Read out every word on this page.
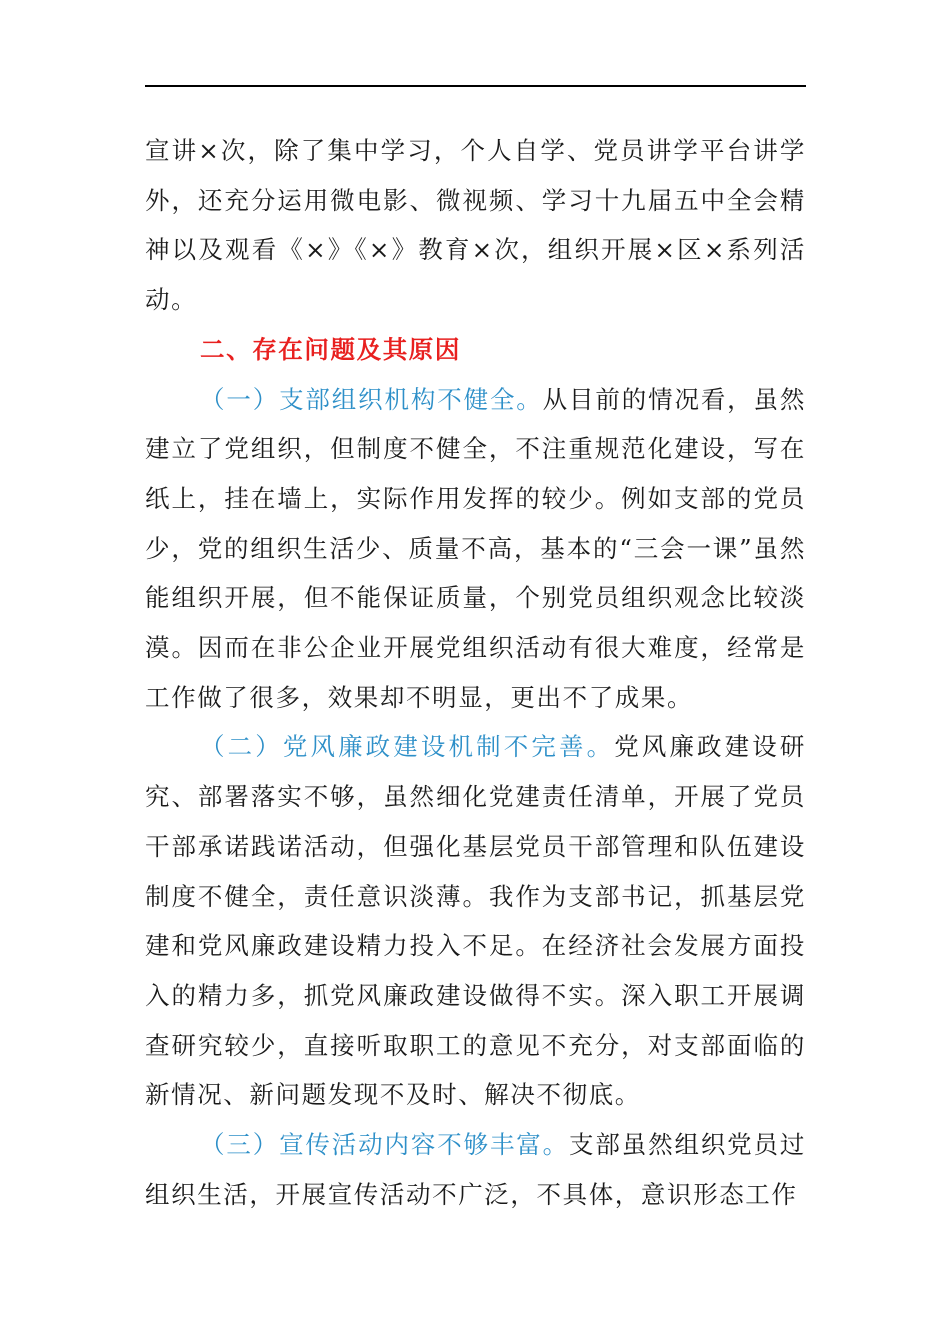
宣讲×次，除了集中学习，个人自学、党员讲学平台讲学外，还充分运用微电影、微视频、学习十九届五中全会精神以及观看《×》《×》教育×次，组织开展×区×系列活动。

二、存在问题及其原因

（一）支部组织机构不健全。从目前的情况看，虽然建立了党组织，但制度不健全，不注重规范化建设，写在纸上，挂在墙上，实际作用发挥的较少。例如支部的党员少，党的组织生活少、质量不高，基本的“三会一课”虽然能组织开展，但不能保证质量，个别党员组织观念比较淡漠。因而在非公企业开展党组织活动有很大难度，经常是工作做了很多，效果却不明显，更出不了成果。

（二）党风廉政建设机制不完善。党风廉政建设研究、部署落实不够，虽然细化党建责任清单，开展了党员干部承诺践诺活动，但强化基层党员干部管理和队伍建设制度不健全，责任意识淡薄。我作为支部书记，抓基层党建和党风廉政建设精力投入不足。在经济社会发展方面投入的精力多，抓党风廉政建设做得不实。深入职工开展调查研究较少，直接听取职工的意见不充分，对支部面临的新情况、新问题发现不及时、解决不彻底。

（三）宣传活动内容不够丰富。支部虽然组织党员过组织生活，开展宣传活动不广泛，不具体，意识形态工作
